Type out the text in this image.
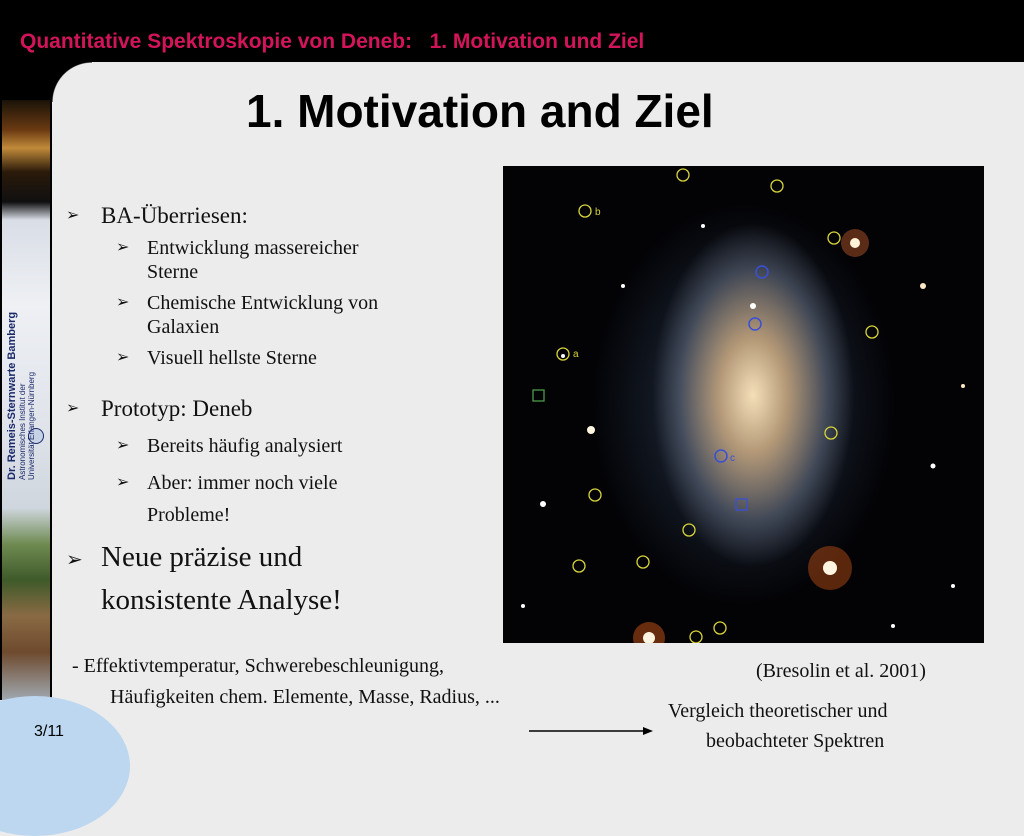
Quantitative Spektroskopie von Deneb:   1. Motivation und Ziel
Dr. Remeis-Sternwarte Bamberg Astronomisches Institut der Universität Erlangen-Nürnberg
3/11
1. Motivation and Ziel
➢ BA-Überriesen:
➢ Entwicklung massereicher
Sterne
➢ Chemische Entwicklung von
Galaxien
➢ Visuell hellste Sterne
➢ Prototyp: Deneb
➢ Bereits häufig analysiert
➢ Aber: immer noch viele
Probleme!
➢ Neue präzise und
konsistente Analyse!
b
a
c
(Bresolin et al. 2001)
- Effektivtemperatur, Schwerebeschleunigung,
Häufigkeiten chem. Elemente, Masse, Radius, ...
Vergleich theoretischer und
beobachteter Spektren
